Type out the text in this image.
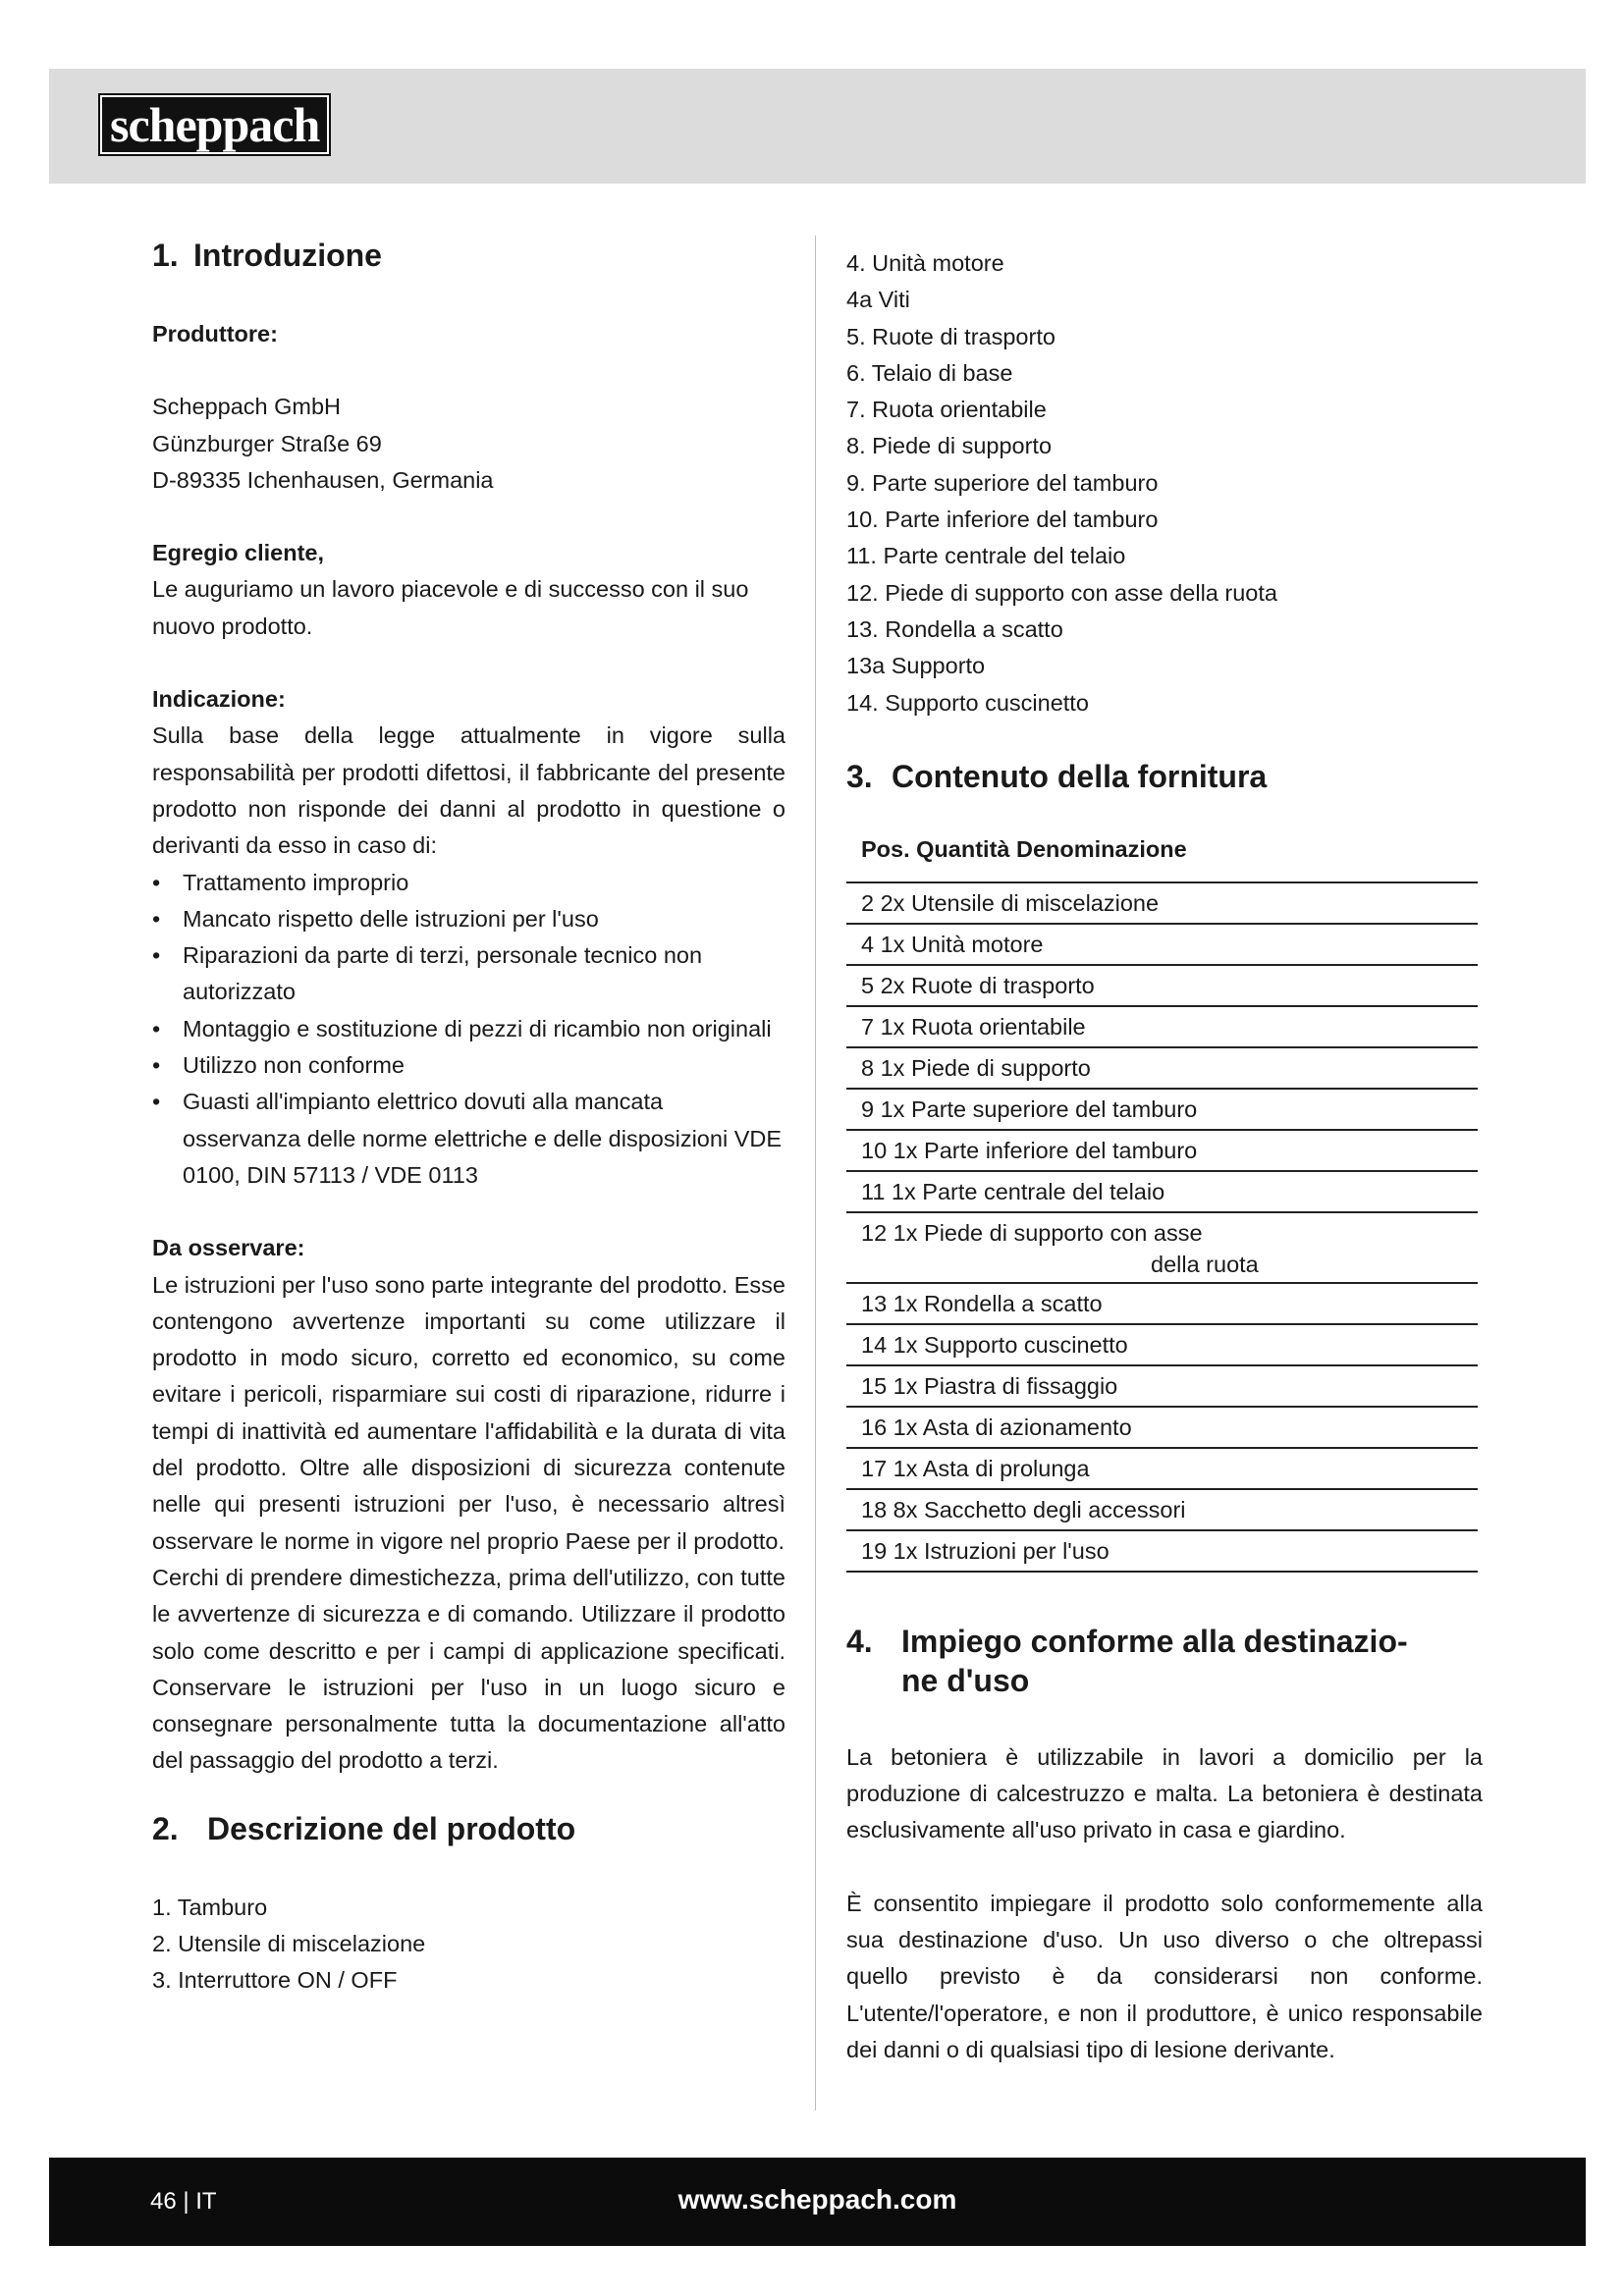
scheppach
1. Introduzione

Produttore:

Scheppach GmbH

Günzburger Straße 69

D-89335 Ichenhausen, Germania

Egregio cliente,

Le auguriamo un lavoro piacevole e di successo con il suo nuovo prodotto.

Indicazione:

Sulla base della legge attualmente in vigore sulla responsabilità per prodotti difettosi, il fabbricante del presente prodotto non risponde dei danni al prodotto in questione o derivanti da esso in caso di:

• Trattamento improprio
• Mancato rispetto delle istruzioni per l'uso
• Riparazioni da parte di terzi, personale tecnico non autorizzato
• Montaggio e sostituzione di pezzi di ricambio non originali
• Utilizzo non conforme
• Guasti all'impianto elettrico dovuti alla mancata osservanza delle norme elettriche e delle disposizioni VDE 0100, DIN 57113 / VDE 0113

Da osservare:

Le istruzioni per l'uso sono parte integrante del prodotto. Esse contengono avvertenze importanti su come utilizzare il prodotto in modo sicuro, corretto ed economico, su come evitare i pericoli, risparmiare sui costi di riparazione, ridurre i tempi di inattività ed aumentare l'affidabilità e la durata di vita del prodotto. Oltre alle disposizioni di sicurezza contenute nelle qui presenti istruzioni per l'uso, è necessario altresì osservare le norme in vigore nel proprio Paese per il prodotto.

Cerchi di prendere dimestichezza, prima dell'utilizzo, con tutte le avvertenze di sicurezza e di comando. Utilizzare il prodotto solo come descritto e per i campi di applicazione specificati. Conservare le istruzioni per l'uso in un luogo sicuro e consegnare personalmente tutta la documentazione all'atto del passaggio del prodotto a terzi.

2. Descrizione del prodotto
1. Tamburo
2. Utensile di miscelazione
3. Interruttore ON / OFF
4. Unità motore
4a Viti
5. Ruote di trasporto
6. Telaio di base
7. Ruota orientabile
8. Piede di supporto
9. Parte superiore del tamburo
10. Parte inferiore del tamburo
11. Parte centrale del telaio
12. Piede di supporto con asse della ruota
13. Rondella a scatto
13a Supporto
14. Supporto cuscinetto
3. Contenuto della fornitura

Pos. Quantità Denominazione

2 2x Utensile di miscelazione
4 1x Unità motore
5 2x Ruote di trasporto
7 1x Ruota orientabile
8 1x Piede di supporto
9 1x Parte superiore del tamburo
10 1x Parte inferiore del tamburo
11 1x Parte centrale del telaio
12 1x Piede di supporto con asse
della ruota
13 1x Rondella a scatto
14 1x Supporto cuscinetto
15 1x Piastra di fissaggio
16 1x Asta di azionamento
17 1x Asta di prolunga
18 8x Sacchetto degli accessori
19 1x Istruzioni per l'uso
4. Impiego conforme alla destinazio-
ne d'uso

La betoniera è utilizzabile in lavori a domicilio per la produzione di calcestruzzo e malta. La betoniera è destinata esclusivamente all'uso privato in casa e giardino.

È consentito impiegare il prodotto solo conformemente alla sua destinazione d'uso. Un uso diverso o che oltrepassi quello previsto è da considerarsi non conforme. L'utente/l'operatore, e non il produttore, è unico responsabile dei danni o di qualsiasi tipo di lesione derivante.

46 | IT	www.scheppach.com
